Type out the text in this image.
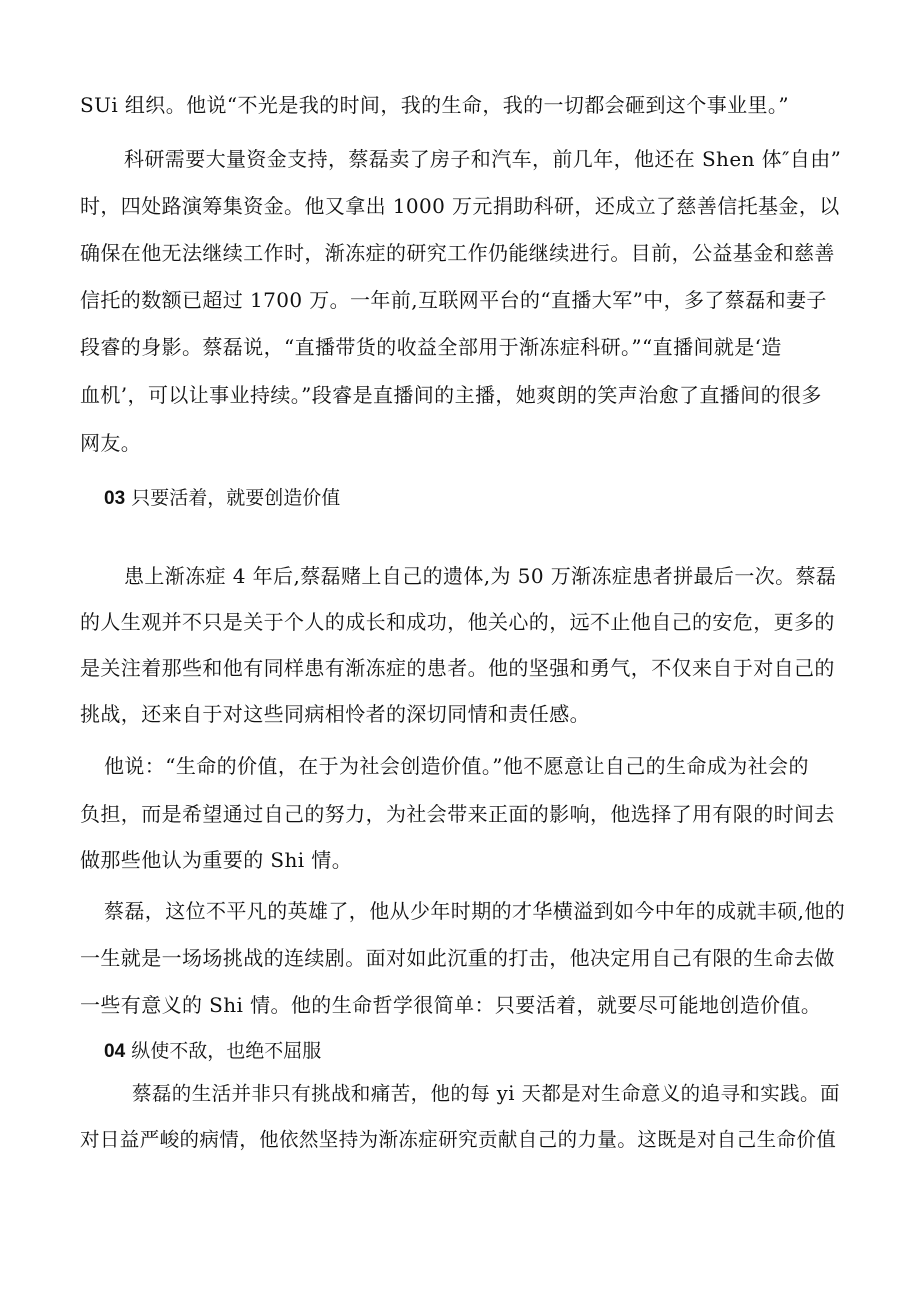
SUi 组织。他说“不光是我的时间，我的生命，我的一切都会砸到这个事业里。”
科研需要大量资金支持，蔡磊卖了房子和汽车，前几年，他还在 Shen 体″自由”
时，四处路演筹集资金。他又拿出 1000 万元捐助科研，还成立了慈善信托基金，以
确保在他无法继续工作时，渐冻症的研究工作仍能继续进行。目前，公益基金和慈善
信托的数额已超过 1700 万。一年前,互联网平台的“直播大军”中，多了蔡磊和妻子
段睿的身影。蔡磊说，“直播带货的收益全部用于渐冻症科研。”“直播间就是‘造
血机’，可以让事业持续。”段睿是直播间的主播，她爽朗的笑声治愈了直播间的很多
网友。
03 只要活着，就要创造价值
患上渐冻症 4 年后,蔡磊赌上自己的遗体,为 50 万渐冻症患者拼最后一次。蔡磊
的人生观并不只是关于个人的成长和成功，他关心的，远不止他自己的安危，更多的
是关注着那些和他有同样患有渐冻症的患者。他的坚强和勇气，不仅来自于对自己的
挑战，还来自于对这些同病相怜者的深切同情和责任感。
他说：“生命的价值，在于为社会创造价值。”他不愿意让自己的生命成为社会的
负担，而是希望通过自己的努力，为社会带来正面的影响，他选择了用有限的时间去
做那些他认为重要的 Shi 情。
蔡磊，这位不平凡的英雄了，他从少年时期的才华横溢到如今中年的成就丰硕,他的
一生就是一场场挑战的连续剧。面对如此沉重的打击，他决定用自己有限的生命去做
一些有意义的 Shi 情。他的生命哲学很简单：只要活着，就要尽可能地创造价值。
04 纵使不敌，也绝不屈服
蔡磊的生活并非只有挑战和痛苦，他的每 yi 天都是对生命意义的追寻和实践。面
对日益严峻的病情，他依然坚持为渐冻症研究贡献自己的力量。这既是对自己生命价值
